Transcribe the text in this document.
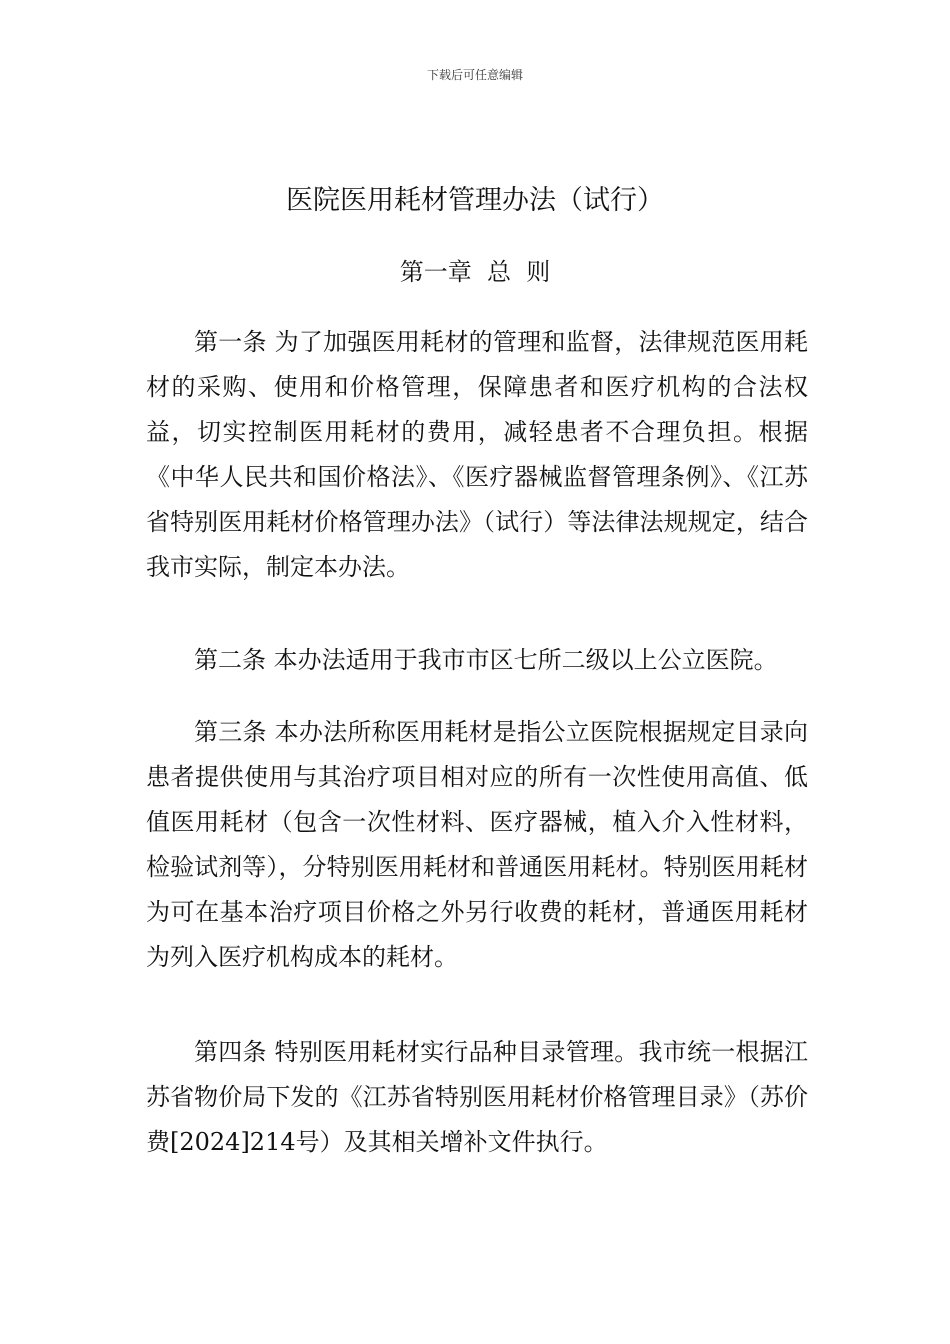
下载后可任意编辑
医院医用耗材管理办法（试行）
第一章  总  则

第一条 为了加强医用耗材的管理和监督，法律规范医用耗材的采购、使用和价格管理，保障患者和医疗机构的合法权益，切实控制医用耗材的费用，减轻患者不合理负担。根据《中华人民共和国价格法》、《医疗器械监督管理条例》、《江苏省特别医用耗材价格管理办法》（试行）等法律法规规定，结合我市实际，制定本办法。

第二条 本办法适用于我市市区七所二级以上公立医院。

第三条 本办法所称医用耗材是指公立医院根据规定目录向患者提供使用与其治疗项目相对应的所有一次性使用高值、低值医用耗材（包含一次性材料、医疗器械，植入介入性材料，检验试剂等），分特别医用耗材和普通医用耗材。特别医用耗材为可在基本治疗项目价格之外另行收费的耗材，普通医用耗材为列入医疗机构成本的耗材。

第四条 特别医用耗材实行品种目录管理。我市统一根据江苏省物价局下发的《江苏省特别医用耗材价格管理目录》（苏价费[2024]214号）及其相关增补文件执行。
